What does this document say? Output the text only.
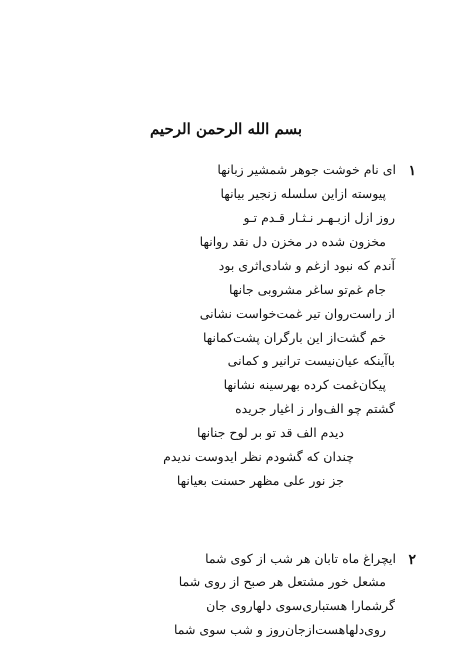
بسم الله الرحمن الرحیم
۱
ای نام خوشت جوهر شمشیر زبانها
پیوسته ازاین سلسله زنجیر بیانها
روز ازل ازبـهـر نـثـار قـدم تـو
مخزون شده در مخزن دل نقد روانها
آندم که نبود ازغم و شادی‌اثری بود
جام غم‌تو ساغر مشروبی جانها
از راست‌روان تیر غمت‌خواست نشانی
خم گشت‌از این بارگران پشت‌کمانها
باآینکه عیان‌نیست ترانیر و کمانی
پیکان‌غمت کرده بهرسینه نشانها
گشتم چو الف‌وار ز اغیار جریده
دیدم الف قد تو بر لوح جنانها
چندان که گشودم نظر ایدوست ندیدم
جز نور علی مظهر حسنت بعیانها
۲
ایچراغ ماه تابان هر شب از کوی شما
مشعل خور مشتعل هر صبح از روی شما
گرشمارا هستباری‌سوی دلهاروی جان
روی‌دلهاهست‌ازجان‌روز و شب سوی شما
